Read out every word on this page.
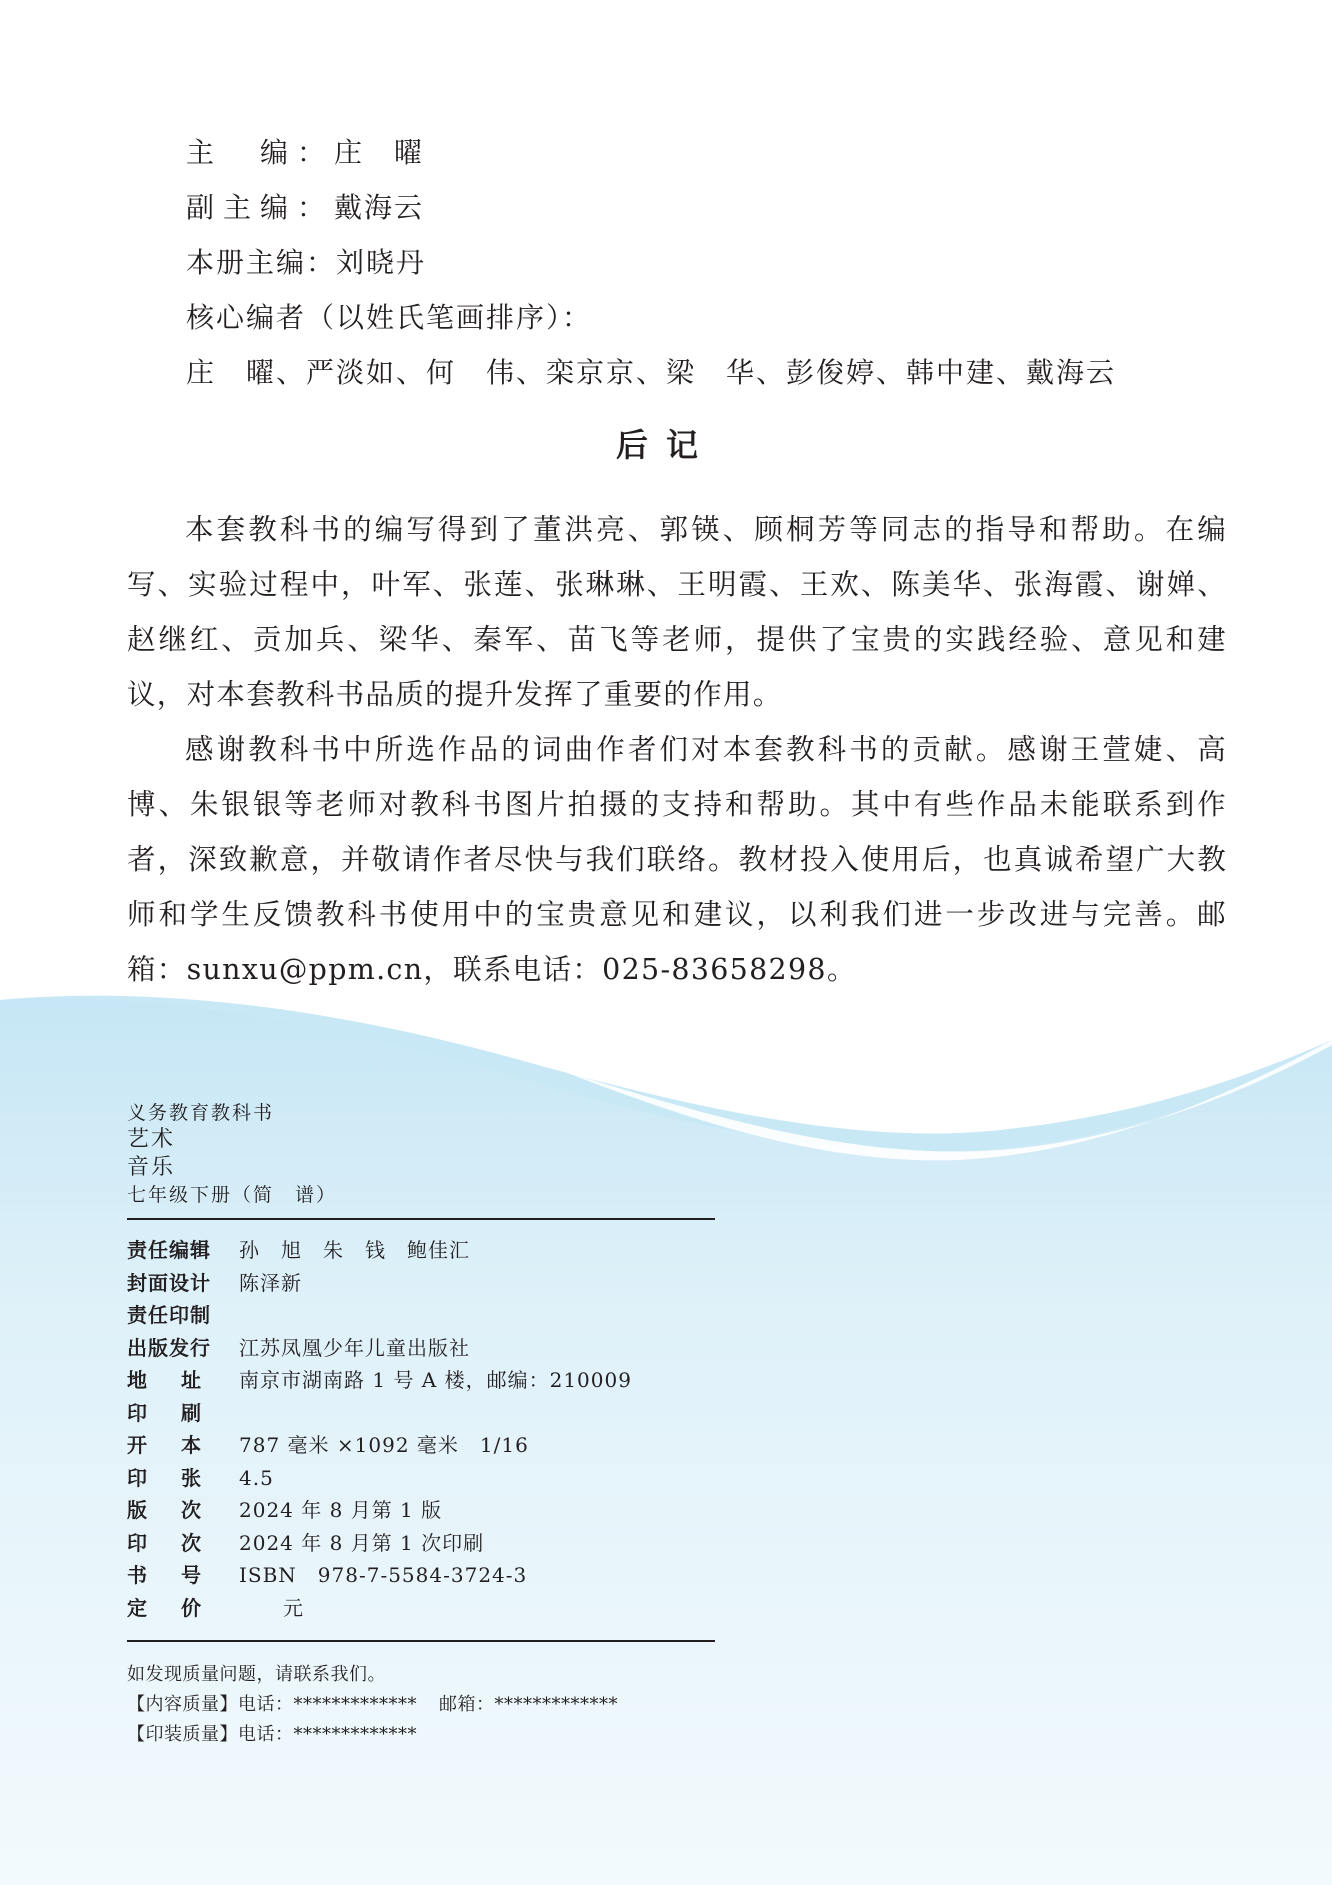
主　编：庄　曜
副主编：戴海云
本册主编：刘晓丹
核心编者（以姓氏笔画排序）：
庄　曜、严淡如、何　伟、栾京京、梁　华、彭俊婷、韩中建、戴海云
后记

本套教科书的编写得到了董洪亮、郭锳、顾桐芳等同志的指导和帮助。在编写、实验过程中，叶军、张莲、张琳琳、王明霞、王欢、陈美华、张海霞、谢婵、赵继红、贡加兵、梁华、秦军、苗飞等老师，提供了宝贵的实践经验、意见和建议，对本套教科书品质的提升发挥了重要的作用。

感谢教科书中所选作品的词曲作者们对本套教科书的贡献。感谢王萱婕、高博、朱银银等老师对教科书图片拍摄的支持和帮助。其中有些作品未能联系到作者，深致歉意，并敬请作者尽快与我们联络。教材投入使用后，也真诚希望广大教师和学生反馈教科书使用中的宝贵意见和建议，以利我们进一步改进与完善。邮箱：sunxu@ppm.cn，联系电话：025-83658298。

义务教育教科书
艺术
音乐
七年级下册（简　谱）
责任编辑 孙　旭　朱　钱　鲍佳汇
封面设计 陈泽新
责任印制
出版发行 江苏凤凰少年儿童出版社
地址 南京市湖南路 1 号 A 楼，邮编：210009
印刷
开本 787 毫米 ×1092 毫米　1/16
印张 4.5
版次 2024 年 8 月第 1 版
印次 2024 年 8 月第 1 次印刷
书号 ISBN　978-7-5584-3724-3
定价 元
如发现质量问题，请联系我们。
【内容质量】电话：************* 邮箱：*************
【印装质量】电话：*************
